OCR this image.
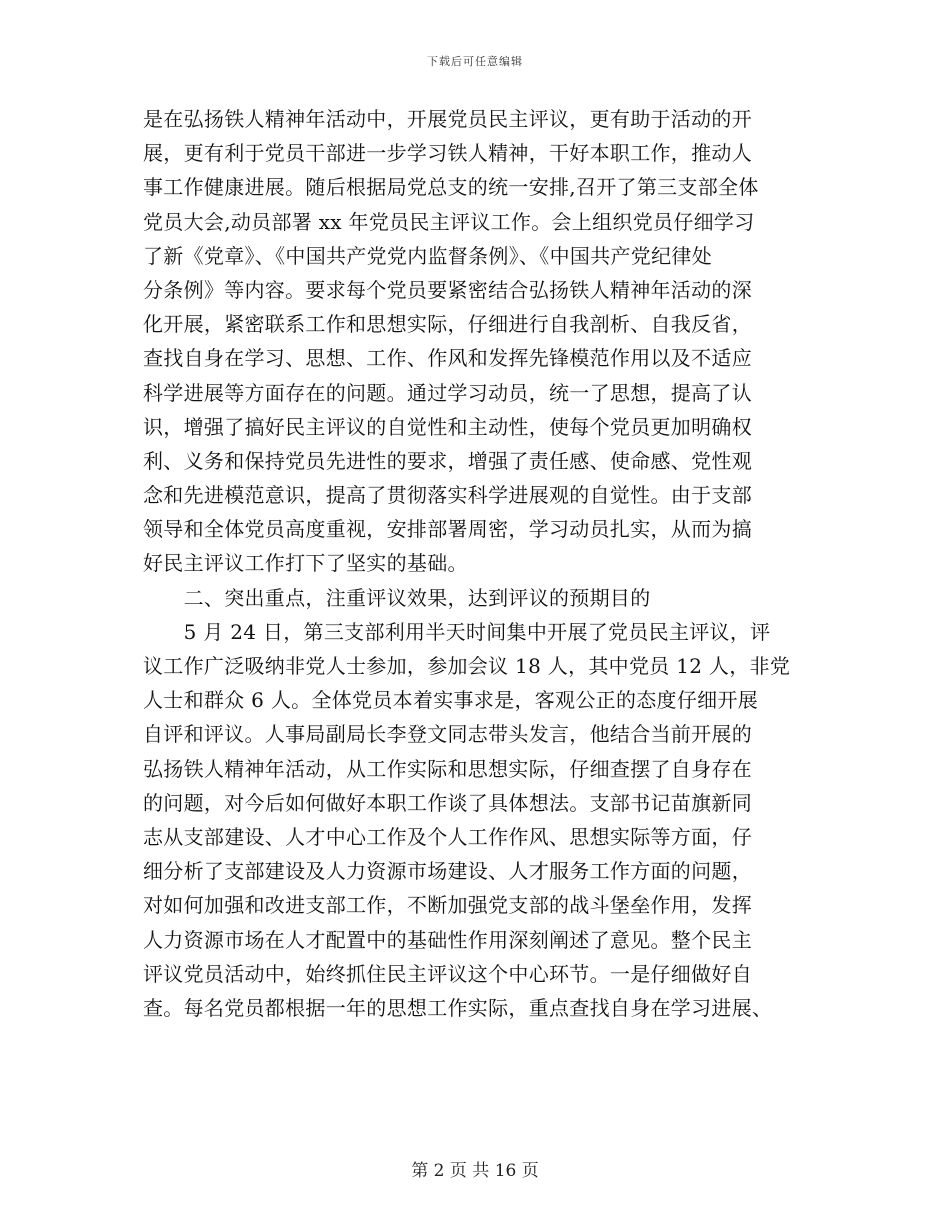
下载后可任意编辑
是在弘扬铁人精神年活动中，开展党员民主评议，更有助于活动的开
展，更有利于党员干部进一步学习铁人精神，干好本职工作，推动人
事工作健康进展。随后根据局党总支的统一安排,召开了第三支部全体
党员大会,动员部署 xx 年党员民主评议工作。会上组织党员仔细学习
了新《党章》、《中国共产党党内监督条例》、《中国共产党纪律处
分条例》等内容。要求每个党员要紧密结合弘扬铁人精神年活动的深
化开展，紧密联系工作和思想实际，仔细进行自我剖析、自我反省，
查找自身在学习、思想、工作、作风和发挥先锋模范作用以及不适应
科学进展等方面存在的问题。通过学习动员，统一了思想，提高了认
识，增强了搞好民主评议的自觉性和主动性，使每个党员更加明确权
利、义务和保持党员先进性的要求，增强了责任感、使命感、党性观
念和先进模范意识，提高了贯彻落实科学进展观的自觉性。由于支部
领导和全体党员高度重视，安排部署周密，学习动员扎实，从而为搞
好民主评议工作打下了坚实的基础。
　　二、突出重点，注重评议效果，达到评议的预期目的
　　5 月 24 日，第三支部利用半天时间集中开展了党员民主评议，评
议工作广泛吸纳非党人士参加，参加会议 18 人，其中党员 12 人，非党
人士和群众 6 人。全体党员本着实事求是，客观公正的态度仔细开展
自评和评议。人事局副局长李登文同志带头发言，他结合当前开展的
弘扬铁人精神年活动，从工作实际和思想实际，仔细查摆了自身存在
的问题，对今后如何做好本职工作谈了具体想法。支部书记苗旗新同
志从支部建设、人才中心工作及个人工作作风、思想实际等方面，仔
细分析了支部建设及人力资源市场建设、人才服务工作方面的问题，
对如何加强和改进支部工作，不断加强党支部的战斗堡垒作用，发挥
人力资源市场在人才配置中的基础性作用深刻阐述了意见。整个民主
评议党员活动中，始终抓住民主评议这个中心环节。一是仔细做好自
查。每名党员都根据一年的思想工作实际，重点查找自身在学习进展、
第 2 页 共 16 页
